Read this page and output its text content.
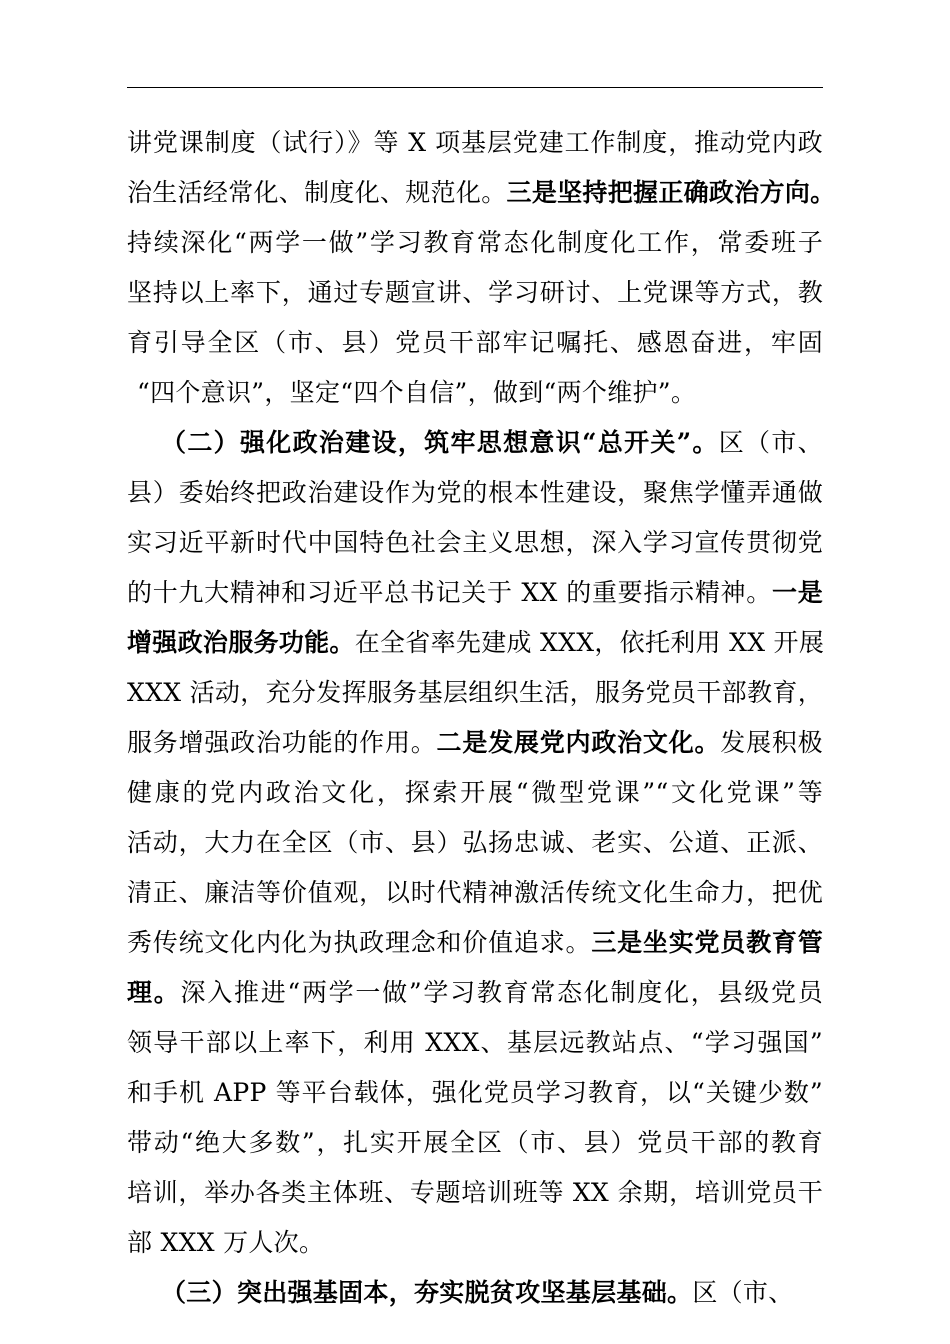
讲党课制度（试行）》等 X 项基层党建工作制度，推动党内政
治生活经常化、制度化、规范化。三是坚持把握正确政治方向。
持续深化“两学一做”学习教育常态化制度化工作，常委班子
坚持以上率下，通过专题宣讲、学习研讨、上党课等方式，教
育引导全区（市、县）党员干部牢记嘱托、感恩奋进，牢固
“四个意识”，坚定“四个自信”，做到“两个维护”。
（二）强化政治建设，筑牢思想意识“总开关”。区（市、
县）委始终把政治建设作为党的根本性建设，聚焦学懂弄通做
实习近平新时代中国特色社会主义思想，深入学习宣传贯彻党
的十九大精神和习近平总书记关于 XX 的重要指示精神。一是
增强政治服务功能。在全省率先建成 XXX，依托利用 XX 开展
XXX 活动，充分发挥服务基层组织生活，服务党员干部教育，
服务增强政治功能的作用。二是发展党内政治文化。发展积极
健康的党内政治文化，探索开展“微型党课”“文化党课”等
活动，大力在全区（市、县）弘扬忠诚、老实、公道、正派、
清正、廉洁等价值观，以时代精神激活传统文化生命力，把优
秀传统文化内化为执政理念和价值追求。三是坐实党员教育管
理。深入推进“两学一做”学习教育常态化制度化，县级党员
领导干部以上率下，利用 XXX、基层远教站点、“学习强国”
和手机 APP 等平台载体，强化党员学习教育，以“关键少数”
带动“绝大多数”，扎实开展全区（市、县）党员干部的教育
培训，举办各类主体班、专题培训班等 XX 余期，培训党员干
部 XXX 万人次。
（三）突出强基固本，夯实脱贫攻坚基层基础。区（市、
